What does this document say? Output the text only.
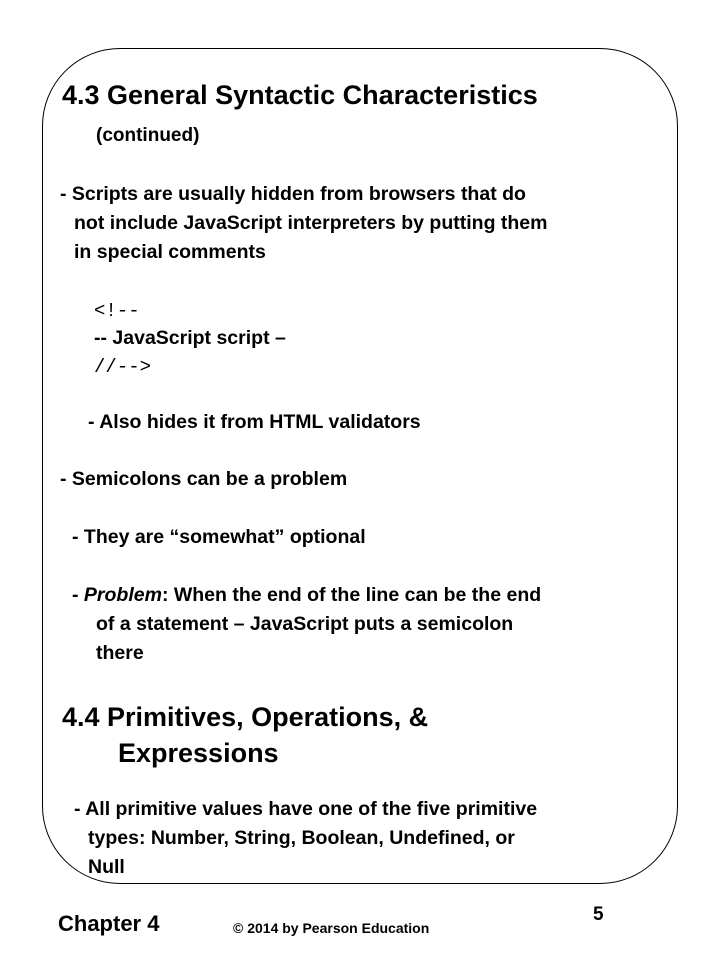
4.3 General Syntactic Characteristics
(continued)
- Scripts are usually hidden from browsers that do
not include JavaScript interpreters by putting them
in special comments
<!--
-- JavaScript script –
//-->
- Also hides it from HTML validators
- Semicolons can be a problem
- They are “somewhat” optional
- Problem: When the end of the line can be the end
of a statement – JavaScript puts a semicolon
there
4.4 Primitives, Operations, &
Expressions
- All primitive values have one of the five primitive
types: Number, String, Boolean, Undefined, or
Null
Chapter 4	© 2014 by Pearson Education
5
